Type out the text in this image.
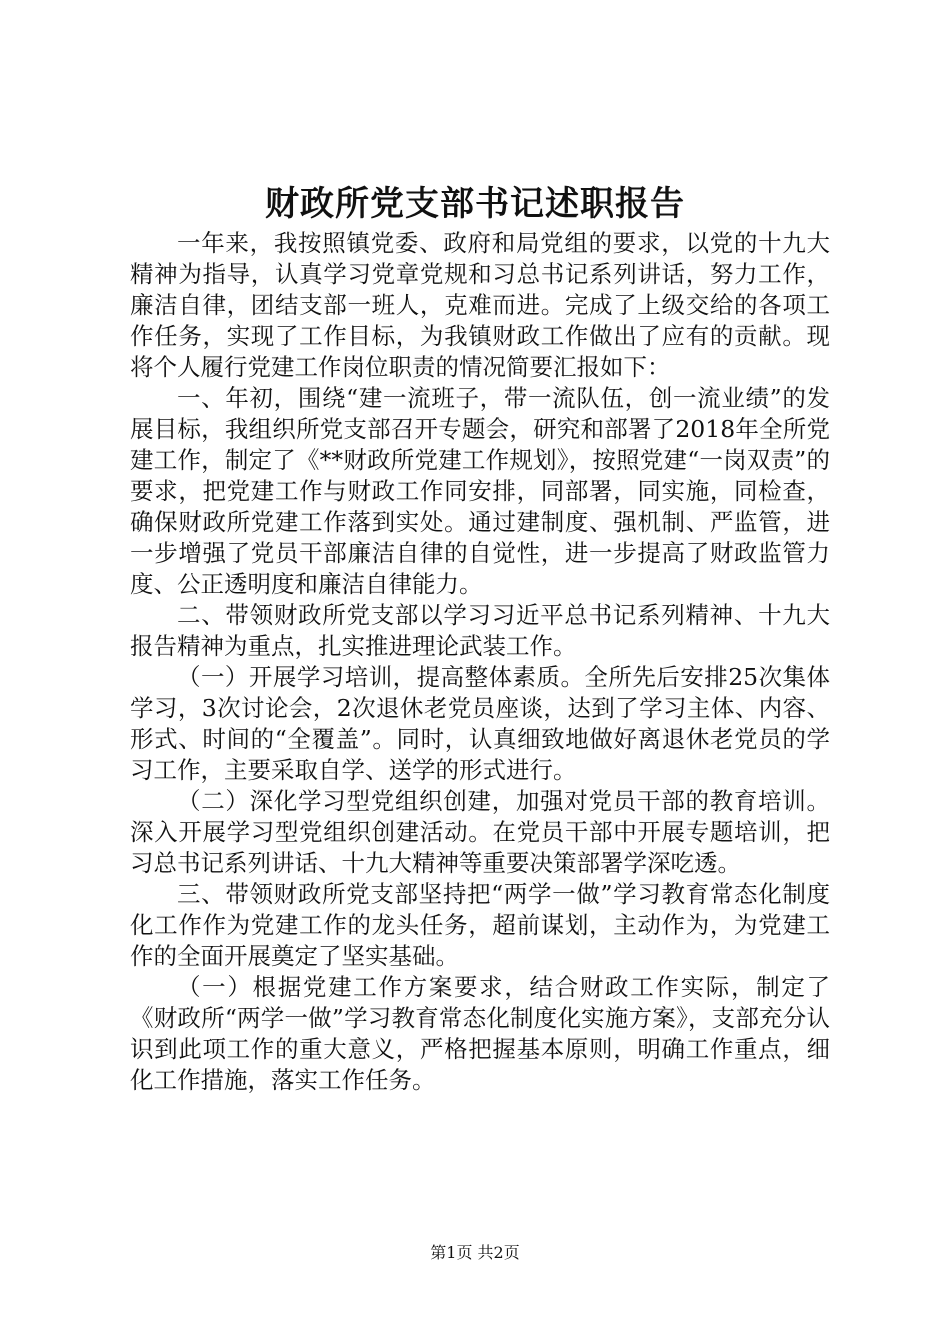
财政所党支部书记述职报告

一年来，我按照镇党委、政府和局党组的要求，以党的十九大精神为指导，认真学习党章党规和习总书记系列讲话，努力工作，廉洁自律，团结支部一班人，克难而进。完成了上级交给的各项工作任务，实现了工作目标，为我镇财政工作做出了应有的贡献。现将个人履行党建工作岗位职责的情况简要汇报如下：

一、年初，围绕“建一流班子，带一流队伍，创一流业绩”的发展目标，我组织所党支部召开专题会，研究和部署了2018年全所党建工作，制定了《**财政所党建工作规划》，按照党建“一岗双责”的要求，把党建工作与财政工作同安排，同部署，同实施，同检查，确保财政所党建工作落到实处。通过建制度、强机制、严监管，进一步增强了党员干部廉洁自律的自觉性，进一步提高了财政监管力度、公正透明度和廉洁自律能力。

二、带领财政所党支部以学习习近平总书记系列精神、十九大报告精神为重点，扎实推进理论武装工作。

（一）开展学习培训，提高整体素质。全所先后安排25次集体学习，3次讨论会，2次退休老党员座谈，达到了学习主体、内容、形式、时间的“全覆盖”。同时，认真细致地做好离退休老党员的学习工作，主要采取自学、送学的形式进行。

（二）深化学习型党组织创建，加强对党员干部的教育培训。深入开展学习型党组织创建活动。在党员干部中开展专题培训，把习总书记系列讲话、十九大精神等重要决策部署学深吃透。

三、带领财政所党支部坚持把“两学一做”学习教育常态化制度化工作作为党建工作的龙头任务，超前谋划，主动作为，为党建工作的全面开展奠定了坚实基础。

（一）根据党建工作方案要求，结合财政工作实际，制定了《财政所“两学一做”学习教育常态化制度化实施方案》，支部充分认识到此项工作的重大意义，严格把握基本原则，明确工作重点，细化工作措施，落实工作任务。

第1页 共2页
